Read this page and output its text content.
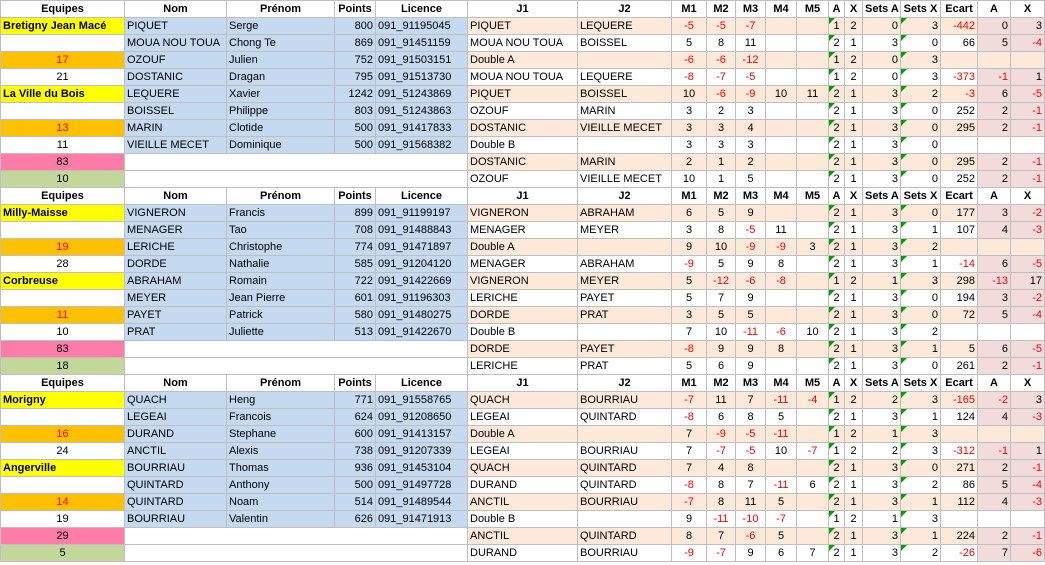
Equipes	Nom	Prénom	Points	Licence	J1	J2	M1	M2	M3	M4	M5	A	X	Sets A	Sets X	Ecart	A	X
Bretigny Jean Macé	PIQUET	Serge	800	091_91195045	PIQUET	LEQUERE	-5	-5	-7			1	2	0	3	-442	0	3
	MOUA NOU TOUA	Chong Te	869	091_91451159	MOUA NOU TOUA	BOISSEL	5	8	11			2	1	3	0	66	5	-4
17	OZOUF	Julien	752	091_91503151	Double A		-6	-6	-12			1	2	0	3			
21	DOSTANIC	Dragan	795	091_91513730	MOUA NOU TOUA	LEQUERE	-8	-7	-5			1	2	0	3	-373	-1	1
La Ville du Bois	LEQUERE	Xavier	1242	091_51243869	PIQUET	BOISSEL	10	-6	-9	10	11	2	1	3	2	-3	6	-5
	BOISSEL	Philippe	803	091_51243863	OZOUF	MARIN	3	2	3			2	1	3	0	252	2	-1
13	MARIN	Clotide	500	091_91417833	DOSTANIC	VIEILLE MECET	3	3	4			2	1	3	0	295	2	-1
11	VIEILLE MECET	Dominique	500	091_91568382	Double B		3	3	3			2	1	3	0			
83					DOSTANIC	MARIN	2	1	2			2	1	3	0	295	2	-1
10					OZOUF	VIEILLE MECET	10	1	5			2	1	3	0	252	2	-1
Equipes	Nom	Prénom	Points	Licence	J1	J2	M1	M2	M3	M4	M5	A	X	Sets A	Sets X	Ecart	A	X
Milly-Maisse	VIGNERON	Francis	899	091_91199197	VIGNERON	ABRAHAM	6	5	9			2	1	3	0	177	3	-2
	MENAGER	Tao	708	091_91488843	MENAGER	MEYER	3	8	-5	11		2	1	3	1	107	4	-3
19	LERICHE	Christophe	774	091_91471897	Double A		9	10	-9	-9	3	2	1	3	2			
28	DORDE	Nathalie	585	091_91204120	MENAGER	ABRAHAM	-9	5	9	8		2	1	3	1	-14	6	-5
Corbreuse	ABRAHAM	Romain	722	091_91422669	VIGNERON	MEYER	5	-12	-6	-8		1	2	1	3	298	-13	17
	MEYER	Jean Pierre	601	091_91196303	LERICHE	PAYET	5	7	9			2	1	3	0	194	3	-2
11	PAYET	Patrick	580	091_91480275	DORDE	PRAT	3	5	5			2	1	3	0	72	5	-4
10	PRAT	Juliette	513	091_91422670	Double B		7	10	-11	-6	10	2	1	3	2			
83					DORDE	PAYET	-8	9	9	8		2	1	3	1	5	6	-5
18					LERICHE	PRAT	5	6	9			2	1	3	0	261	2	-1
Equipes	Nom	Prénom	Points	Licence	J1	J2	M1	M2	M3	M4	M5	A	X	Sets A	Sets X	Ecart	A	X
Morigny	QUACH	Heng	771	091_91558765	QUACH	BOURRIAU	-7	11	7	-11	-4	1	2	2	3	-165	-2	3
	LEGEAI	Francois	624	091_91208650	LEGEAI	QUINTARD	-8	6	8	5		2	1	3	1	124	4	-3
16	DURAND	Stephane	600	091_91413157	Double A		7	-9	-5	-11		1	2	1	3			
24	ANCTIL	Alexis	738	091_91207339	LEGEAI	BOURRIAU	7	-7	-5	10	-7	1	2	2	3	-312	-1	1
Angerville	BOURRIAU	Thomas	936	091_91453104	QUACH	QUINTARD	7	4	8			2	1	3	0	271	2	-1
	QUINTARD	Anthony	500	091_91497728	DURAND	QUINTARD	-8	8	7	-11	6	2	1	3	2	86	5	-4
14	QUINTARD	Noam	514	091_91489544	ANCTIL	BOURRIAU	-7	8	11	5		2	1	3	1	112	4	-3
19	BOURRIAU	Valentin	626	091_91471913	Double B		9	-11	-10	-7		1	2	1	3			
29					ANCTIL	QUINTARD	8	7	-6	5		2	1	3	1	224	2	-1
5					DURAND	BOURRIAU	-9	-7	9	6	7	2	1	3	2	-26	7	-6
